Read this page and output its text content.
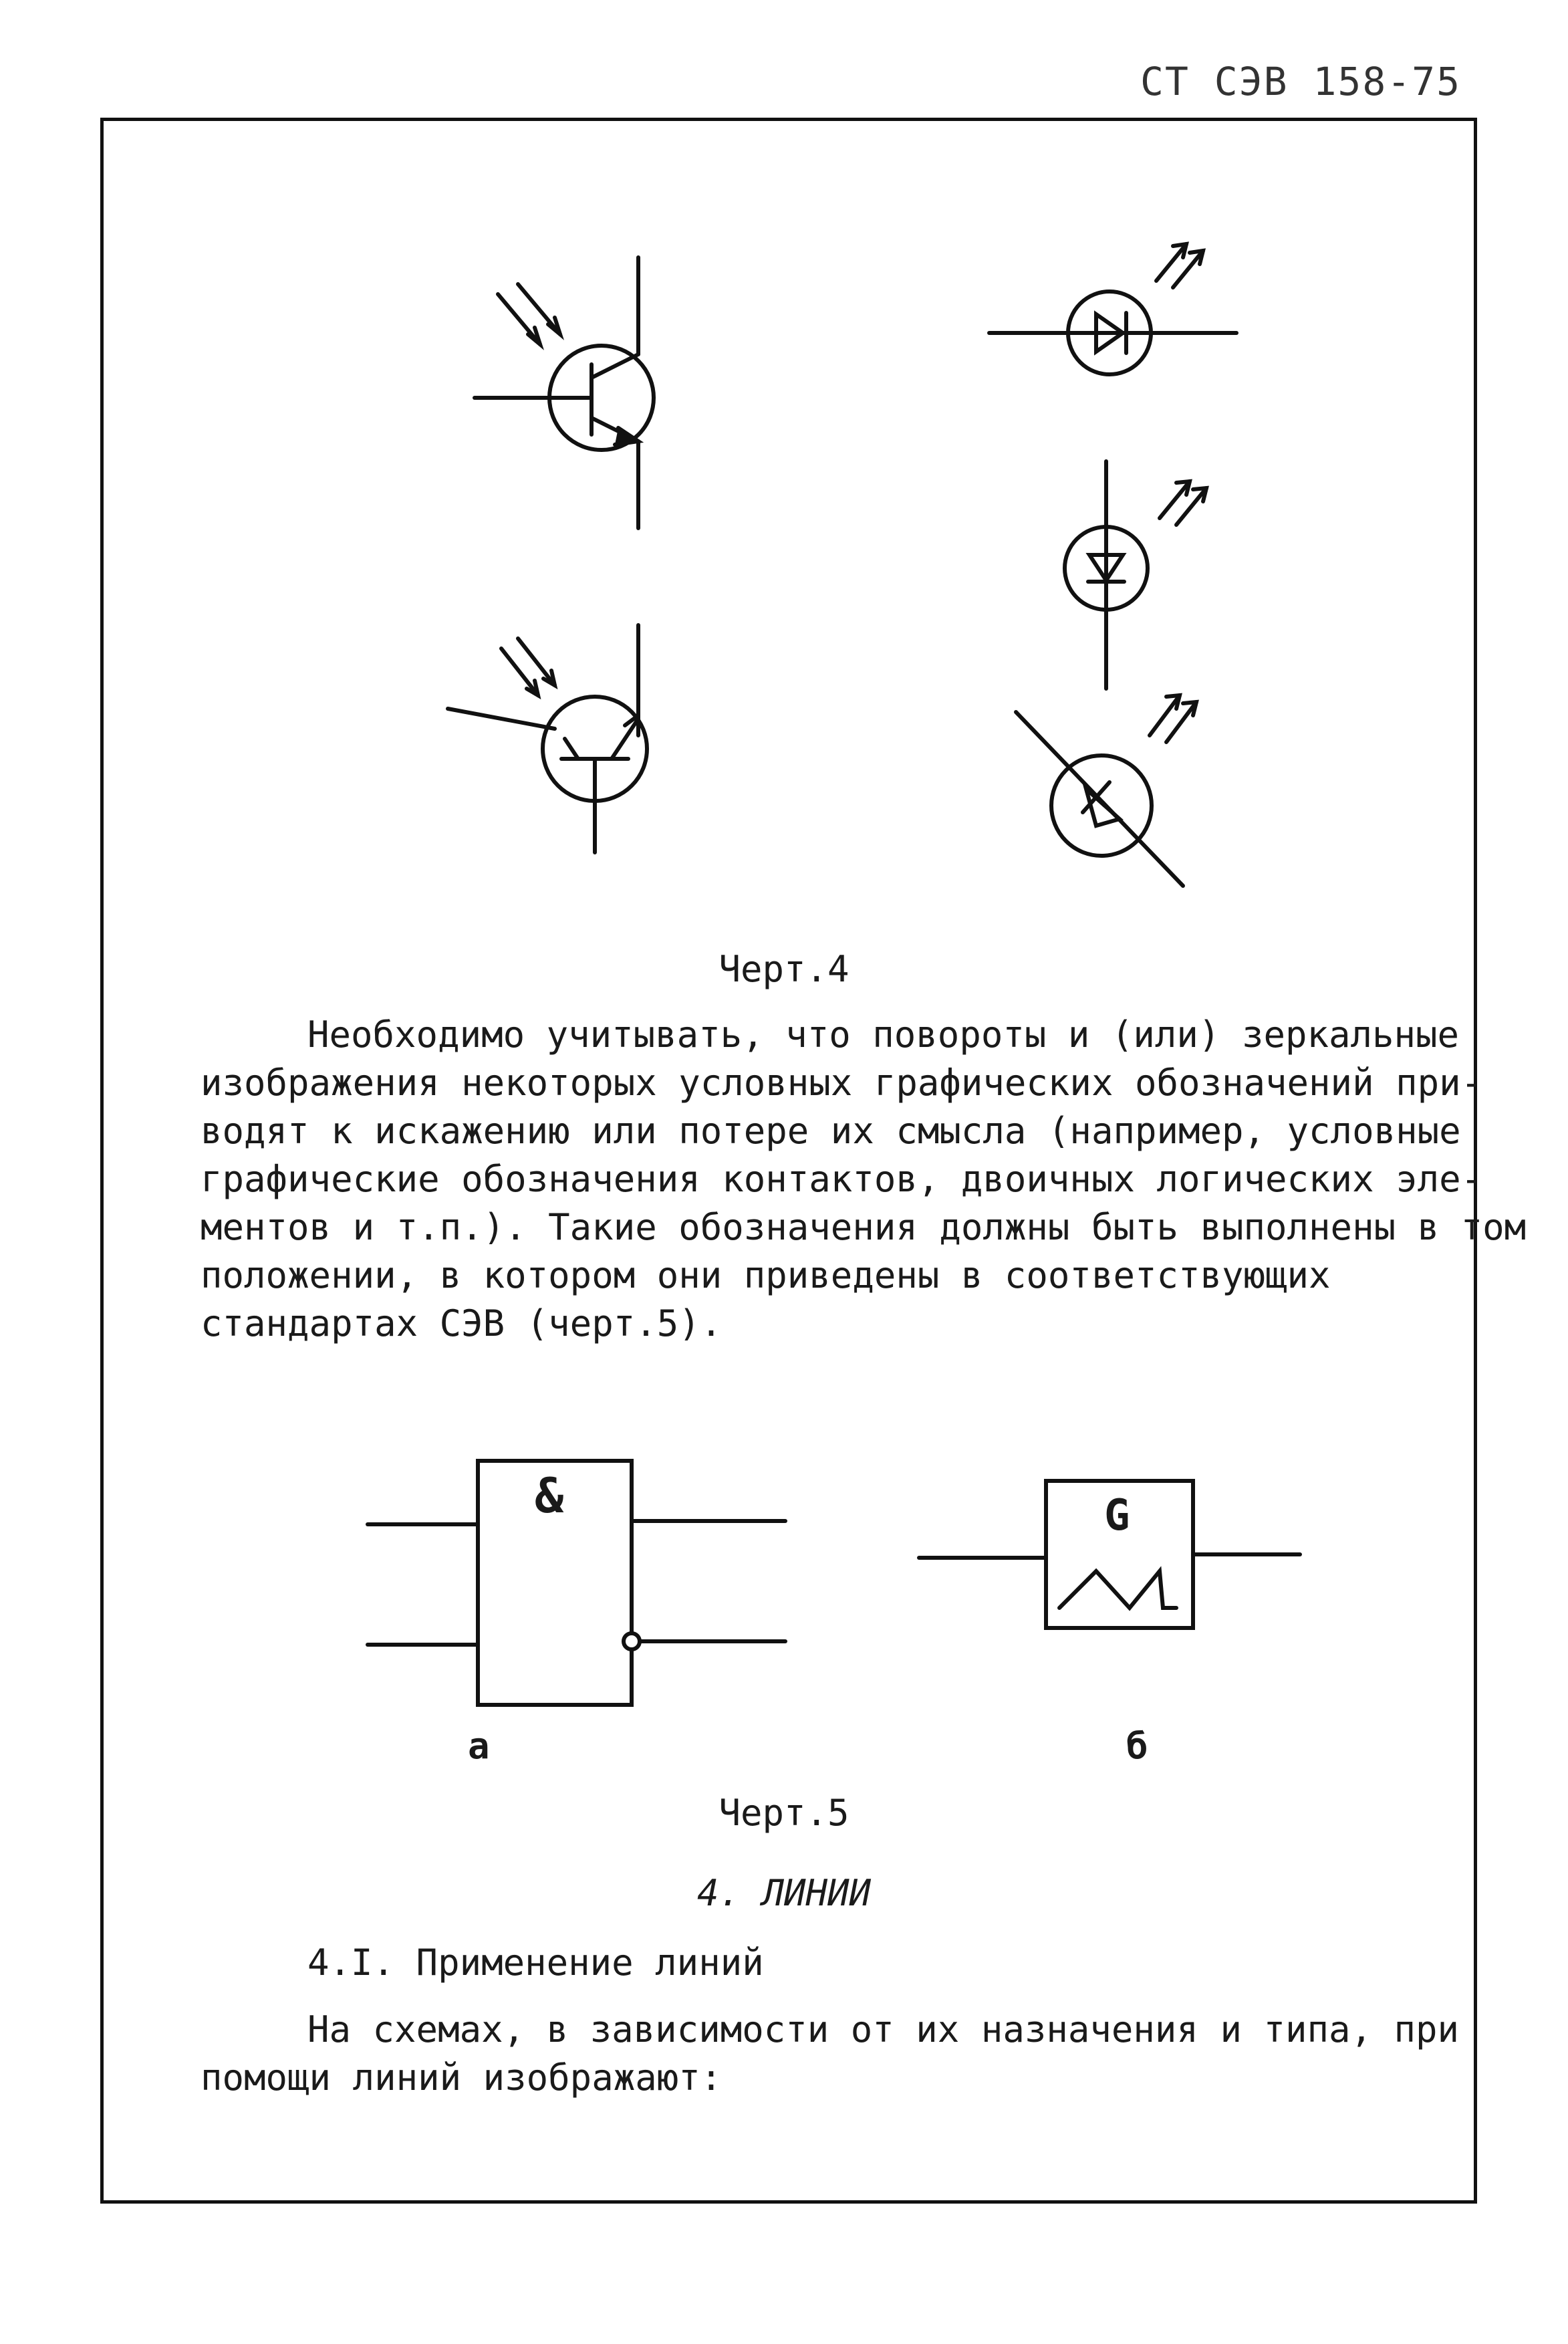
СТ СЭВ 158-75
Черт.4
Необходимо учитывать, что повороты и (или) зеркальные
изображения некоторых условных графических обозначений при-
водят к искажению или потере их смысла (например, условные
графические обозначения контактов, двоичных логических эле-
ментов и т.п.). Такие обозначения должны быть выполнены в том
положении, в котором они приведены в соответствующих
стандартах СЭВ (черт.5).
&	G
а	б
Черт.5
4. ЛИНИИ
4.I. Применение линий
На схемах, в зависимости от их назначения и типа, при
помощи линий изображают:
